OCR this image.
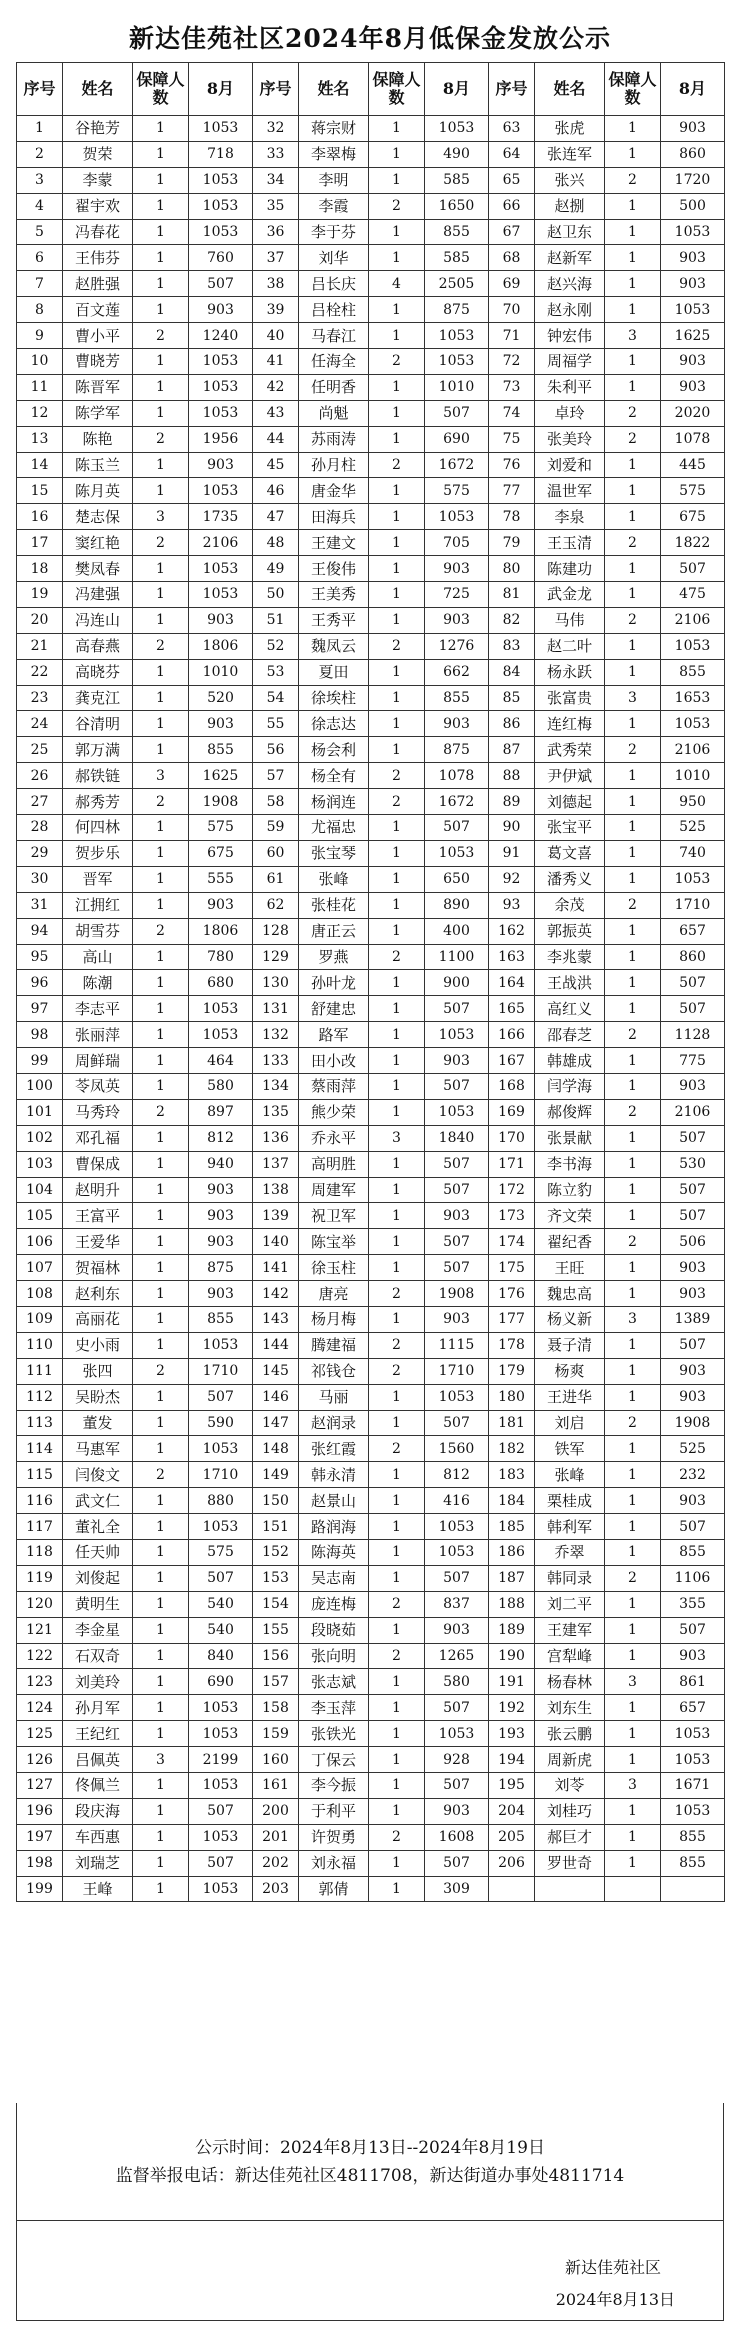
新达佳苑社区2024年8月低保金发放公示
序号	姓名	保障人数	8月	序号	姓名	保障人数	8月	序号	姓名	保障人数	8月
1	谷艳芳	1	1053	32	蒋宗财	1	1053	63	张虎	1	903
2	贺荣	1	718	33	李翠梅	1	490	64	张连军	1	860
3	李蒙	1	1053	34	李明	1	585	65	张兴	2	1720
4	翟宇欢	1	1053	35	李霞	2	1650	66	赵捌	1	500
5	冯春花	1	1053	36	李于芬	1	855	67	赵卫东	1	1053
6	王伟芬	1	760	37	刘华	1	585	68	赵新军	1	903
7	赵胜强	1	507	38	吕长庆	4	2505	69	赵兴海	1	903
8	百文莲	1	903	39	吕栓柱	1	875	70	赵永刚	1	1053
9	曹小平	2	1240	40	马春江	1	1053	71	钟宏伟	3	1625
10	曹晓芳	1	1053	41	任海全	2	1053	72	周福学	1	903
11	陈晋军	1	1053	42	任明香	1	1010	73	朱利平	1	903
12	陈学军	1	1053	43	尚魁	1	507	74	卓玲	2	2020
13	陈艳	2	1956	44	苏雨涛	1	690	75	张美玲	2	1078
14	陈玉兰	1	903	45	孙月柱	2	1672	76	刘爱和	1	445
15	陈月英	1	1053	46	唐金华	1	575	77	温世军	1	575
16	楚志保	3	1735	47	田海兵	1	1053	78	李泉	1	675
17	窦红艳	2	2106	48	王建文	1	705	79	王玉清	2	1822
18	樊凤春	1	1053	49	王俊伟	1	903	80	陈建功	1	507
19	冯建强	1	1053	50	王美秀	1	725	81	武金龙	1	475
20	冯连山	1	903	51	王秀平	1	903	82	马伟	2	2106
21	高春燕	2	1806	52	魏凤云	2	1276	83	赵二叶	1	1053
22	高晓芬	1	1010	53	夏田	1	662	84	杨永跃	1	855
23	龚克江	1	520	54	徐埃柱	1	855	85	张富贵	3	1653
24	谷清明	1	903	55	徐志达	1	903	86	连红梅	1	1053
25	郭万满	1	855	56	杨会利	1	875	87	武秀荣	2	2106
26	郝铁链	3	1625	57	杨全有	2	1078	88	尹伊斌	1	1010
27	郝秀芳	2	1908	58	杨润连	2	1672	89	刘德起	1	950
28	何四林	1	575	59	尤福忠	1	507	90	张宝平	1	525
29	贺步乐	1	675	60	张宝琴	1	1053	91	葛文喜	1	740
30	晋军	1	555	61	张峰	1	650	92	潘秀义	1	1053
31	江拥红	1	903	62	张桂花	1	890	93	余茂	2	1710
94	胡雪芬	2	1806	128	唐正云	1	400	162	郭振英	1	657
95	高山	1	780	129	罗燕	2	1100	163	李兆蒙	1	860
96	陈潮	1	680	130	孙叶龙	1	900	164	王战洪	1	507
97	李志平	1	1053	131	舒建忠	1	507	165	高红义	1	507
98	张丽萍	1	1053	132	路军	1	1053	166	邵春芝	2	1128
99	周鲜瑞	1	464	133	田小改	1	903	167	韩雄成	1	775
100	苓凤英	1	580	134	蔡雨萍	1	507	168	闫学海	1	903
101	马秀玲	2	897	135	熊少荣	1	1053	169	郝俊辉	2	2106
102	邓孔福	1	812	136	乔永平	3	1840	170	张景献	1	507
103	曹保成	1	940	137	高明胜	1	507	171	李书海	1	530
104	赵明升	1	903	138	周建军	1	507	172	陈立豹	1	507
105	王富平	1	903	139	祝卫军	1	903	173	齐文荣	1	507
106	王爱华	1	903	140	陈宝举	1	507	174	翟纪香	2	506
107	贺福林	1	875	141	徐玉柱	1	507	175	王旺	1	903
108	赵利东	1	903	142	唐亮	2	1908	176	魏忠高	1	903
109	高丽花	1	855	143	杨月梅	1	903	177	杨义新	3	1389
110	史小雨	1	1053	144	腾建福	2	1115	178	聂子清	1	507
111	张四	2	1710	145	祁钱仓	2	1710	179	杨爽	1	903
112	吴盼杰	1	507	146	马丽	1	1053	180	王进华	1	903
113	董发	1	590	147	赵润录	1	507	181	刘启	2	1908
114	马惠军	1	1053	148	张红霞	2	1560	182	铁军	1	525
115	闫俊文	2	1710	149	韩永清	1	812	183	张峰	1	232
116	武文仁	1	880	150	赵景山	1	416	184	栗桂成	1	903
117	董礼全	1	1053	151	路润海	1	1053	185	韩利军	1	507
118	任天帅	1	575	152	陈海英	1	1053	186	乔翠	1	855
119	刘俊起	1	507	153	吴志南	1	507	187	韩同录	2	1106
120	黄明生	1	540	154	庞连梅	2	837	188	刘二平	1	355
121	李金星	1	540	155	段晓茹	1	903	189	王建军	1	507
122	石双奇	1	840	156	张向明	2	1265	190	宫犁峰	1	903
123	刘美玲	1	690	157	张志斌	1	580	191	杨春林	3	861
124	孙月军	1	1053	158	李玉萍	1	507	192	刘东生	1	657
125	王纪红	1	1053	159	张铁光	1	1053	193	张云鹏	1	1053
126	吕佩英	3	2199	160	丁保云	1	928	194	周新虎	1	1053
127	佟佩兰	1	1053	161	李今振	1	507	195	刘苓	3	1671
196	段庆海	1	507	200	于利平	1	903	204	刘桂巧	1	1053
197	车西惠	1	1053	201	许贺勇	2	1608	205	郝巨才	1	855
198	刘瑞芝	1	507	202	刘永福	1	507	206	罗世奇	1	855
199	王峰	1	1053	203	郭倩	1	309				
公示时间：2024年8月13日--2024年8月19日
监督举报电话：新达佳苑社区4811708，新达街道办事处4811714
新达佳苑社区
2024年8月13日
